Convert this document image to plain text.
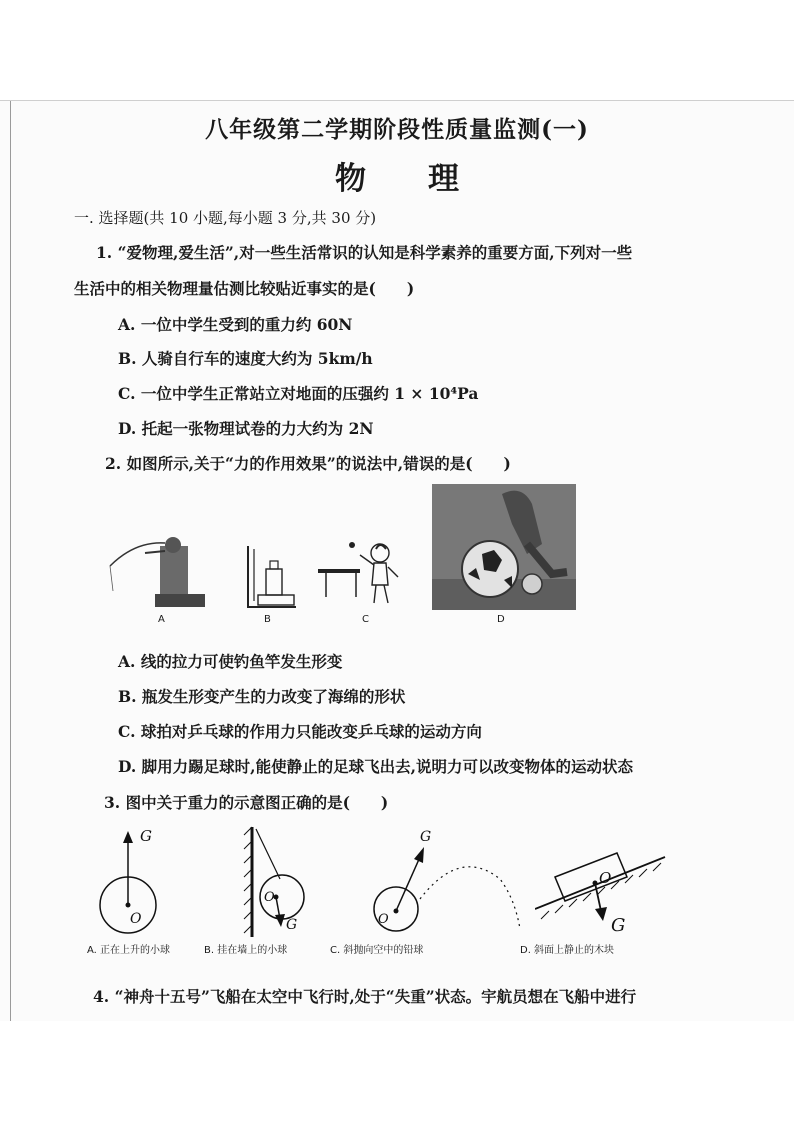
八年级第二学期阶段性质量监测(一)
物　　理
一. 选择题(共 10 小题,每小题 3 分,共 30 分)
1. “爱物理,爱生活”,对一些生活常识的认知是科学素养的重要方面,下列对一些
生活中的相关物理量估测比较贴近事实的是(　　)
A. 一位中学生受到的重力约 60N
B. 人骑自行车的速度大约为 5km/h
C. 一位中学生正常站立对地面的压强约 1 × 10⁴Pa
D. 托起一张物理试卷的力大约为 2N
2. 如图所示,关于“力的作用效果”的说法中,错误的是(　　)
A	B	C	D
A. 线的拉力可使钓鱼竿发生形变
B. 瓶发生形变产生的力改变了海绵的形状
C. 球拍对乒乓球的作用力只能改变乒乓球的运动方向
D. 脚用力踢足球时,能使静止的足球飞出去,说明力可以改变物体的运动状态
3. 图中关于重力的示意图正确的是(　　)
G
O
O
G
G
O
O
G
A. 正在上升的小球	B. 挂在墙上的小球	C. 斜抛向空中的铅球	D. 斜面上静止的木块
4. “神舟十五号”飞船在太空中飞行时,处于“失重”状态。宇航员想在飞船中进行
